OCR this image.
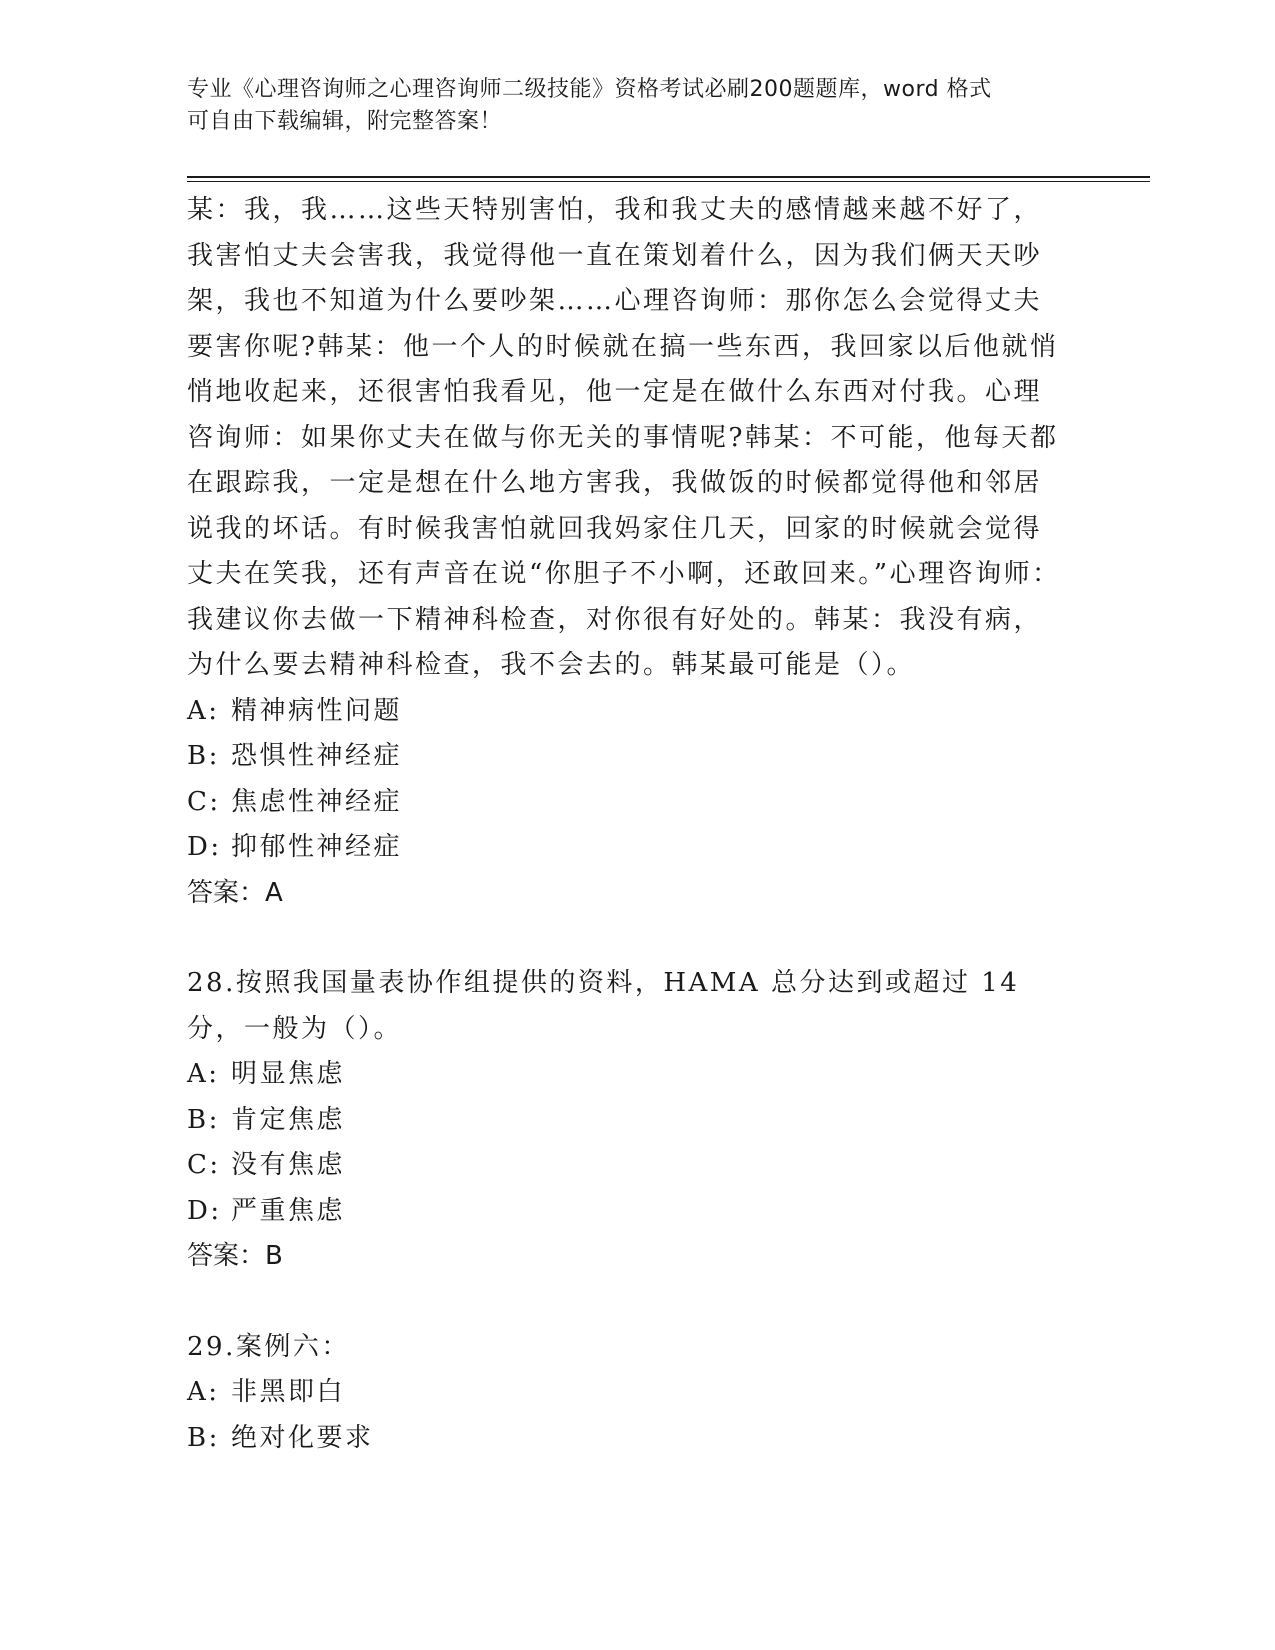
专业《心理咨询师之心理咨询师二级技能》资格考试必刷200题题库，word 格式
可自由下载编辑，附完整答案！

某：我，我……这些天特别害怕，我和我丈夫的感情越来越不好了，我害怕丈夫会害我，我觉得他一直在策划着什么，因为我们俩天天吵架，我也不知道为什么要吵架……心理咨询师：那你怎么会觉得丈夫要害你呢?韩某：他一个人的时候就在搞一些东西，我回家以后他就悄悄地收起来，还很害怕我看见，他一定是在做什么东西对付我。心理咨询师：如果你丈夫在做与你无关的事情呢?韩某：不可能，他每天都在跟踪我，一定是想在什么地方害我，我做饭的时候都觉得他和邻居说我的坏话。有时候我害怕就回我妈家住几天，回家的时候就会觉得丈夫在笑我，还有声音在说“你胆子不小啊，还敢回来。”心理咨询师：我建议你去做一下精神科检查，对你很有好处的。韩某：我没有病，为什么要去精神科检查，我不会去的。韩某最可能是（）。

A: 精神病性问题

B: 恐惧性神经症

C: 焦虑性神经症

D: 抑郁性神经症

答案：A

28.按照我国量表协作组提供的资料，HAMA 总分达到或超过 14 分，一般为（）。

A: 明显焦虑

B: 肯定焦虑

C: 没有焦虑

D: 严重焦虑

答案：B

29.案例六：

A: 非黑即白

B: 绝对化要求
